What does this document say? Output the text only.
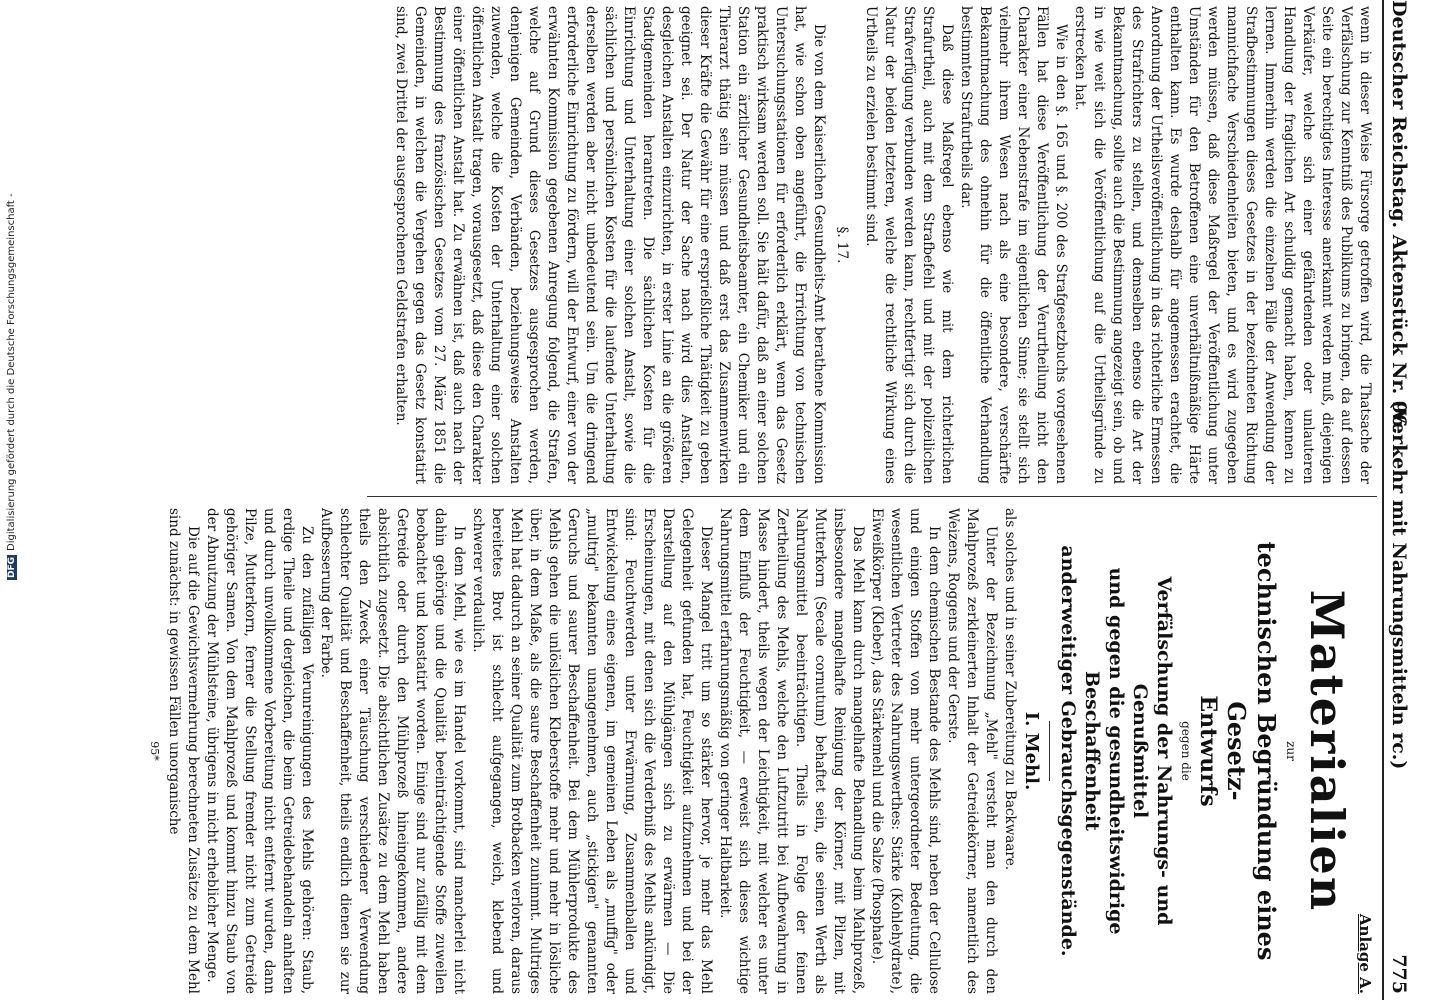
Deutscher Reichstag. Aktenstück Nr. 96.
(Verkehr mit Nahrungsmitteln rc.)
775

wenn in dieser Weise Fürsorge getroffen wird, die Thatsache der Verfälschung zur Kenntniß des Publikums zu bringen, da auf dessen Seite ein berechtigtes Interesse anerkannt werden muß, diejenigen Verkäufer, welche sich einer gefährdenden oder unlauteren Handlung der fraglichen Art schuldig gemacht haben, kennen zu lernen. Immerhin werden die einzelnen Fälle der Anwendung der Strafbestimmungen dieses Gesetzes in der bezeichneten Richtung mannichfache Verschiedenheiten bieten, und es wird zugegeben werden müssen, daß diese Maßregel der Veröffentlichung unter Umständen für den Betroffenen eine unverhältnißmäßige Härte enthalten kann. Es wurde deshalb für angemessen erachtet, die Anordnung der Urtheilsveröffentlichung in das richterliche Ermessen des Strafrichters zu stellen, und demselben ebenso die Art der Bekanntmachung, sollte auch die Bestimmung angezeigt sein, ob und in wie weit sich die Veröffentlichung auf die Urtheilsgründe zu erstrecken hat.

Wie in den §. 165 und §. 200 des Strafgesetzbuchs vorgesehenen Fällen hat diese Veröffentlichung der Verurtheilung nicht den Charakter einer Nebenstrafe im eigentlichen Sinne; sie stellt sich vielmehr ihrem Wesen nach als eine besondere, verschärfte Bekanntmachung des ohnehin für die öffentliche Verhandlung bestimmten Strafurtheils dar.

Daß diese Maßregel ebenso wie mit dem richterlichen Strafurtheil, auch mit dem Strafbefehl und mit der polizeilichen Strafverfügung verbunden werden kann, rechtfertigt sich durch die Natur der beiden letzteren, welche die rechtliche Wirkung eines Urtheils zu erzielen bestimmt sind.

§. 17.

Die von dem Kaiserlichen Gesundheits-Amt berathene Kommission hat, wie schon oben angeführt, die Errichtung von technischen Untersuchungsstationen für erforderlich erklärt, wenn das Gesetz praktisch wirksam werden soll. Sie hält dafür, daß an einer solchen Station ein ärztlicher Gesundheitsbeamter, ein Chemiker und ein Thierarzt thätig sein müssen und daß erst das Zusammenwirken dieser Kräfte die Gewähr für eine ersprießliche Thätigkeit zu geben geeignet sei. Der Natur der Sache nach wird dies Anstalten, desgleichen Anstalten einzurichten, in erster Linie an die größeren Stadtgemeinden herantreten. Die sächlichen Kosten für die Einrichtung und Unterhaltung einer solchen Anstalt, sowie die sächlichen und persönlichen Kosten für die laufende Unterhaltung derselben werden aber nicht unbedeutend sein. Um die dringend erforderliche Einrichtung zu fördern, will der Entwurf, einer von der erwähnten Kommission gegebenen Anregung folgend, die Strafen, welche auf Grund dieses Gesetzes ausgesprochen werden, denjenigen Gemeinden, Verbänden, beziehungsweise Anstalten zuwenden, welche die Kosten der Unterhaltung einer solchen öffentlichen Anstalt tragen, vorausgesetzt, daß diese den Charakter einer öffentlichen Anstalt hat. Zu erwähnen ist, daß auch nach der Bestimmung des französischen Gesetzes vom 27. März 1851 die Gemeinden, in welchen die Vergehen gegen das Gesetz konstatirt sind, zwei Drittel der ausgesprochenen Geldstrafen erhalten.

Anlage A.
Materialien
zur
technischen Begründung eines Gesetz-
Entwurfs
gegen die
Verfälschung der Nahrungs- und Genußmittel
und gegen die gesundheitswidrige Beschaffenheit
anderweitiger Gebrauchsgegenstände.
I. Mehl.

als solches und in seiner Zubereitung zu Backwaare.

Unter der Bezeichnung „Mehl" versteht man den durch den Mahlprozeß zerkleinerten Inhalt der Getreidekörner, namentlich des Weizens, Roggens und der Gerste.

In dem chemischen Bestande des Mehls sind, neben der Cellulose und einigen Stoffen von mehr untergeordneter Bedeutung, die wesentlichen Vertreter des Nahrungswerthes: Stärke (Kohlehydrate), Eiweißkörper (Kleber), das Stärkemehl und die Salze (Phosphate).

Das Mehl kann durch mangelhafte Behandlung beim Mahlprozeß, insbesondere mangelhafte Reinigung der Körner, mit Pilzen, mit Mutterkorn (Secale cornutum) behaftet sein, die seinen Werth als Nahrungsmittel beeinträchtigen. Theils in Folge der feinen Zertheilung des Mehls, welche den Luftzutritt bei Aufbewahrung in Masse hindert, theils wegen der Leichtigkeit, mit welcher es unter dem Einfluß der Feuchtigkeit, — erweist sich dieses wichtige Nahrungsmittel erfahrungsmäßig von geringer Haltbarkeit.

Dieser Mangel tritt um so stärker hervor, je mehr das Mehl Gelegenheit gefunden hat, Feuchtigkeit aufzunehmen und bei der Darstellung auf den Mühlgängen sich zu erwärmen — Die Erscheinungen, mit denen sich die Verderbniß des Mehls ankündigt, sind: Feuchtwerden unter Erwärmung, Zusammenballen und Entwickelung eines eigenen, im gemeinen Leben als „muffig" oder „multrig" bekannten unangenehmen, auch „stickigen" genannten Geruchs und saurer Beschaffenheit. Bei dem Mühlerprodukte des Mehls gehen die unlöslichen Kleberstoffe mehr und mehr in lösliche über, in dem Maße, als die saure Beschaffenheit zunimmt. Multriges Mehl hat dadurch an seiner Qualität zum Brotbacken verloren, daraus bereitetes Brot ist schlecht aufgegangen, weich, klebend und schwerer verdaulich.

In dem Mehl, wie es im Handel vorkommt, sind mancherlei nicht dahin gehörige und die Qualität beeinträchtigende Stoffe zuweilen beobachtet und konstatirt worden. Einige sind nur zufällig mit dem Getreide oder durch den Mühlprozeß hineingekommen, andere absichtlich zugesetzt. Die absichtlichen Zusätze zu dem Mehl haben theils den Zweck einer Täuschung verschiedener Verwendung schlechter Qualität und Beschaffenheit, theils endlich dienen sie zur Aufbesserung der Farbe.

Zu den zufälligen Verunreinigungen des Mehls gehören: Staub, erdige Theile und dergleichen, die beim Getreidebehandeln anhaften und durch unvollkommene Vorbereitung nicht entfernt wurden, dann Pilze, Mutterkorn, ferner die Stellung fremder nicht zum Getreide gehöriger Samen. Von dem Mahlprozeß und kommt hinzu Staub von der Abnutzung der Mühlsteine, übrigens in nicht erheblicher Menge.

Die auf die Gewichtsvermehrung berechneten Zusätze zu dem Mehl sind zunächst: in gewissen Fällen unorganische

95*
DFGDigitalisierung gefördert durch die Deutsche Forschungsgemeinschaft -
